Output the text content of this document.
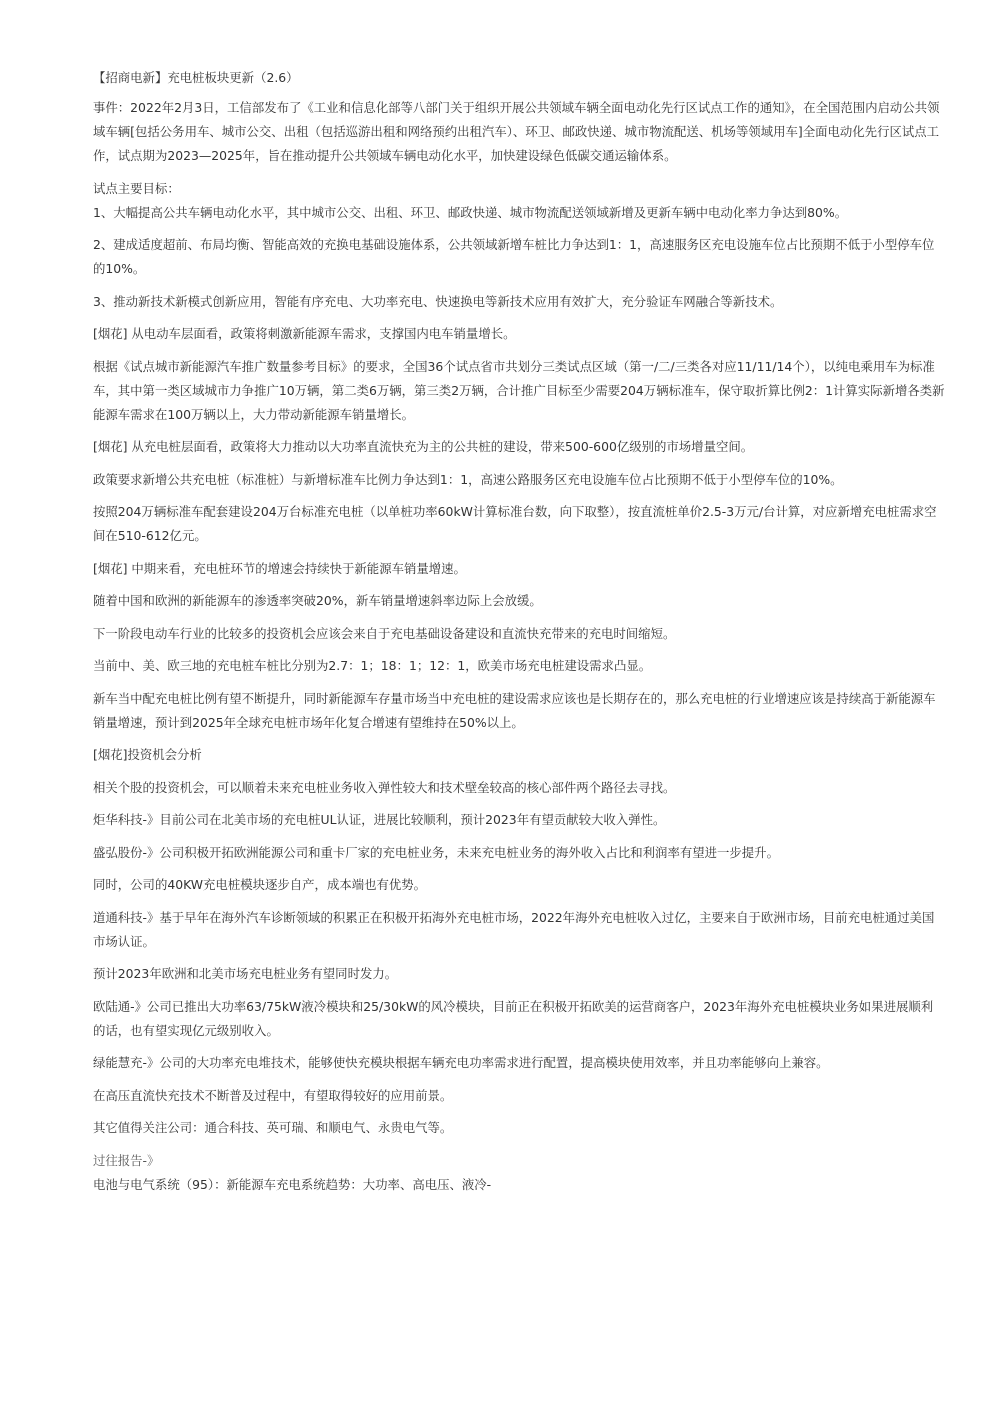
【招商电新】充电桩板块更新（2.6）
事件：2022年2月3日，工信部发布了《工业和信息化部等八部门关于组织开展公共领域车辆全面电动化先行区试点工作的通知》，在全国范围内启动公共领域车辆[包括公务用车、城市公交、出租（包括巡游出租和网络预约出租汽车）、环卫、邮政快递、城市物流配送、机场等领域用车]全面电动化先行区试点工作，试点期为2023—2025年，旨在推动提升公共领域车辆电动化水平，加快建设绿色低碳交通运输体系。
试点主要目标：
1、大幅提高公共车辆电动化水平，其中城市公交、出租、环卫、邮政快递、城市物流配送领域新增及更新车辆中电动化率力争达到80%。
2、建成适度超前、布局均衡、智能高效的充换电基础设施体系，公共领域新增车桩比力争达到1：1，高速服务区充电设施车位占比预期不低于小型停车位的10%。
3、推动新技术新模式创新应用，智能有序充电、大功率充电、快速换电等新技术应用有效扩大，充分验证车网融合等新技术。
[烟花] 从电动车层面看，政策将刺激新能源车需求，支撑国内电车销量增长。
根据《试点城市新能源汽车推广数量参考目标》的要求，全国36个试点省市共划分三类试点区域（第一/二/三类各对应11/11/14个），以纯电乘用车为标准车，其中第一类区域城市力争推广10万辆，第二类6万辆，第三类2万辆，合计推广目标至少需要204万辆标准车，保守取折算比例2：1计算实际新增各类新能源车需求在100万辆以上，大力带动新能源车销量增长。
[烟花] 从充电桩层面看，政策将大力推动以大功率直流快充为主的公共桩的建设，带来500-600亿级别的市场增量空间。
政策要求新增公共充电桩（标准桩）与新增标准车比例力争达到1：1，高速公路服务区充电设施车位占比预期不低于小型停车位的10%。
按照204万辆标准车配套建设204万台标准充电桩（以单桩功率60kW计算标准台数，向下取整），按直流桩单价2.5-3万元/台计算，对应新增充电桩需求空间在510-612亿元。
[烟花] 中期来看，充电桩环节的增速会持续快于新能源车销量增速。
随着中国和欧洲的新能源车的渗透率突破20%，新车销量增速斜率边际上会放缓。
下一阶段电动车行业的比较多的投资机会应该会来自于充电基础设备建设和直流快充带来的充电时间缩短。
当前中、美、欧三地的充电桩车桩比分别为2.7：1；18：1；12：1，欧美市场充电桩建设需求凸显。
新车当中配充电桩比例有望不断提升，同时新能源车存量市场当中充电桩的建设需求应该也是长期存在的，那么充电桩的行业增速应该是持续高于新能源车销量增速，预计到2025年全球充电桩市场年化复合增速有望维持在50%以上。
[烟花]投资机会分析
相关个股的投资机会，可以顺着未来充电桩业务收入弹性较大和技术壁垒较高的核心部件两个路径去寻找。
炬华科技-》目前公司在北美市场的充电桩UL认证，进展比较顺利，预计2023年有望贡献较大收入弹性。
盛弘股份-》公司积极开拓欧洲能源公司和重卡厂家的充电桩业务，未来充电桩业务的海外收入占比和利润率有望进一步提升。
同时，公司的40KW充电桩模块逐步自产，成本端也有优势。
道通科技-》基于早年在海外汽车诊断领域的积累正在积极开拓海外充电桩市场，2022年海外充电桩收入过亿，主要来自于欧洲市场，目前充电桩通过美国市场认证。
预计2023年欧洲和北美市场充电桩业务有望同时发力。
欧陆通-》公司已推出大功率63/75kW液冷模块和25/30kW的风冷模块，目前正在积极开拓欧美的运营商客户，2023年海外充电桩模块业务如果进展顺利的话，也有望实现亿元级别收入。
绿能慧充-》公司的大功率充电堆技术，能够使快充模块根据车辆充电功率需求进行配置，提高模块使用效率，并且功率能够向上兼容。
在高压直流快充技术不断普及过程中，有望取得较好的应用前景。
其它值得关注公司：通合科技、英可瑞、和顺电气、永贵电气等。
过往报告-》
电池与电气系统（95）：新能源车充电系统趋势：大功率、高电压、液冷-
